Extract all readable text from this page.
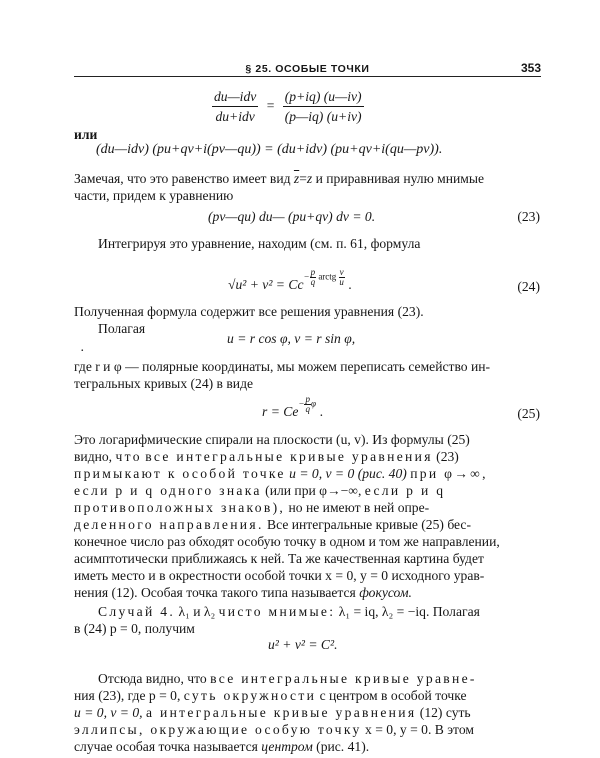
§ 25. ОСОБЫЕ ТОЧКИ	353
$\frac{\text{du—idv}}{\text{du+idv}} = \frac{(p+iq) (u—iv)}{(p—iq) (u+iv)}$
или
(du—idv) (pu+qv+i(pv—qu)) = (du+idv) (pu+qv+i(qu—pv)).

Замечая, что это равенство имеет вид $\overline{z}=z$ и приравнивая нулю мнимые

части, придем к уравнению

(pv—qu) du— (pu+qv) dv = 0.	(23)

Интегрируя это уравнение, находим (см. п. 61, формула

$√u^2 + v^2 = Cc- \frac{p}{q}$ arctg $\frac{v}{u}$ .	(24)

Полученная формула содержит все решения уравнения (23).

Полагая

u = r cos φ, v = r sin φ,
·

где r и φ — полярные координаты, мы можем переписать семейство ин-

тегральных кривых (24) в виде

$r = Ce- \frac{p}{q}$ φ .	(25)

Это логарифмические спирали на плоскости (u, v). Из формулы (25)

видно, что все интегральные кривые уравнения (23)

примыкают к особой точке u = 0, v = 0 (рис. 40) при φ→∞,

если p и q одного знака (или при φ→−∞, если p и q

противоположных знаков), но не имеют в ней опре-

деленного направления. Все интегральные кривые (25) бес-

конечное число раз обходят особую точку в одном и том же направлении,

асимптотически приближаясь к ней. Та же качественная картина будет

иметь место и в окрестности особой точки x = 0, y = 0 исходного урав-

нения (12). Особая точка такого типа называется фокусом.

Случай 4. λ₁ и λ₂ чисто мнимые: λ₁ = iq, λ₂ = −iq. Полагая

в (24) p = 0, получим

u² + v² = C².

Отсюда видно, что все интегральные кривые уравне-

ния (23), где p = 0, суть окружности с центром в особой точке

u = 0, v = 0, а интегральные кривые уравнения (12) суть

эллипсы, окружающие особую точку x = 0, y = 0. В этом

случае особая точка называется центром (рис. 41).
